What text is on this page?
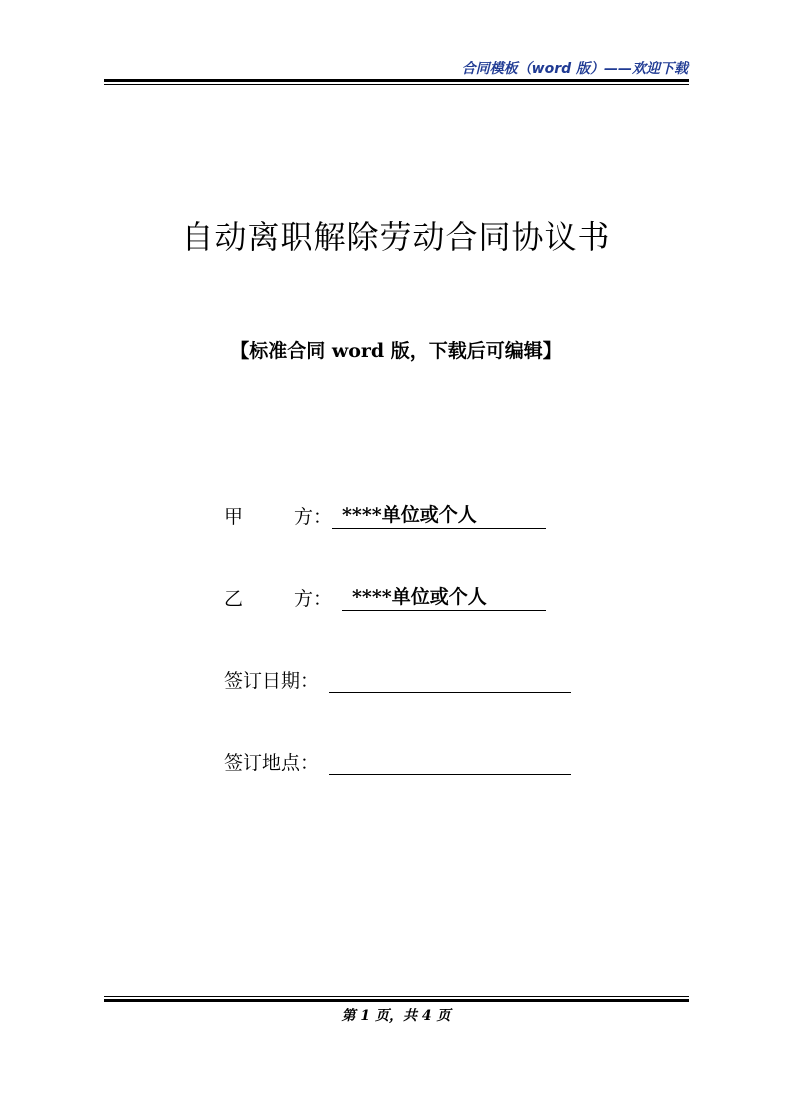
合同模板（word 版）——欢迎下载
自动离职解除劳动合同协议书
【标准合同 word 版，下载后可编辑】
甲	方： ****单位或个人
乙	方：	****单位或个人
签订日期：
签订地点：
第 1 页，共 4 页
